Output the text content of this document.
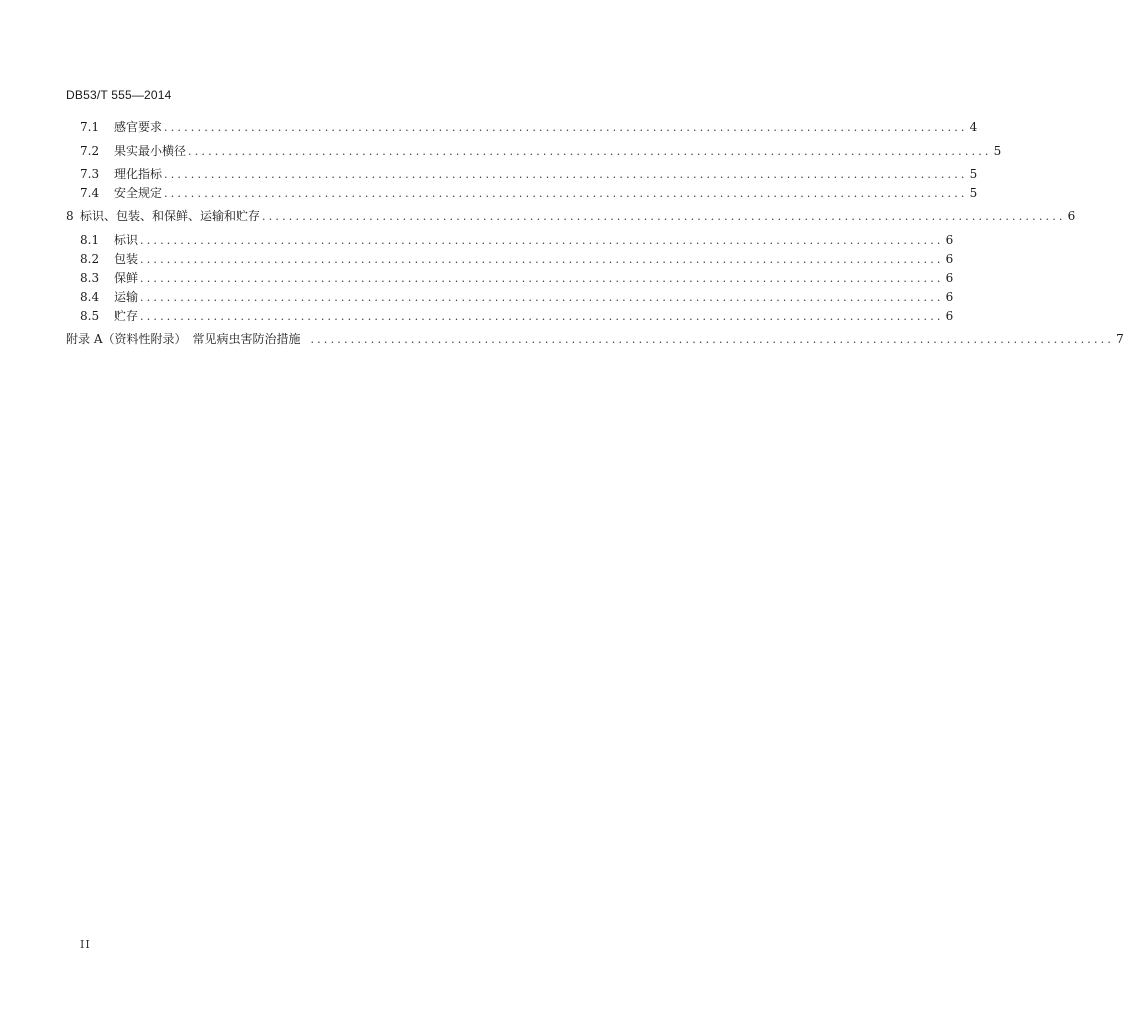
DB53/T 555—2014
7.1	感官要求 ........................................................................................................................ 4
7.2	果实最小横径 ........................................................................................................................ 5
7.3	理化指标 ........................................................................................................................ 5
7.4	安全规定 ........................................................................................................................ 5
8 标识、包装、和保鲜、运输和贮存 ........................................................................................................................ 6
8.1	标识 ........................................................................................................................ 6
8.2	包装 ........................................................................................................................ 6
8.3	保鲜 ........................................................................................................................ 6
8.4	运输 ........................................................................................................................ 6
8.5	贮存 ........................................................................................................................ 6
附录 A（资料性附录）　常见病虫害防治措施 ........................................................................................................................ 7
II
